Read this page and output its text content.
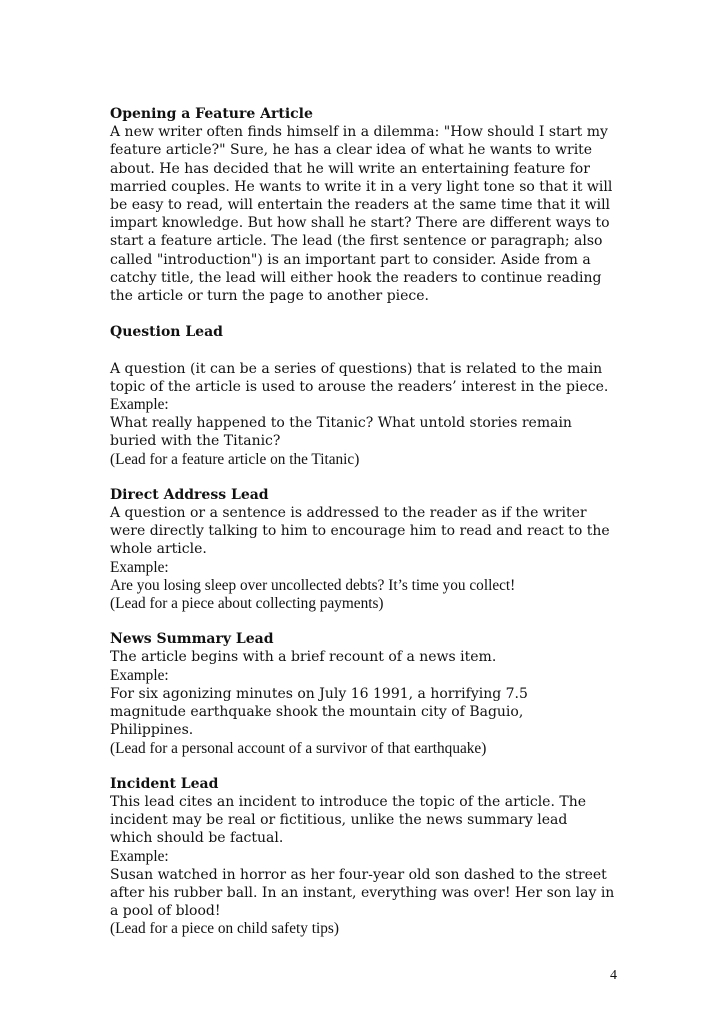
Opening a Feature Article
A new writer often finds himself in a dilemma: "How should I start my
feature article?" Sure, he has a clear idea of what he wants to write
about. He has decided that he will write an entertaining feature for
married couples. He wants to write it in a very light tone so that it will
be easy to read, will entertain the readers at the same time that it will
impart knowledge. But how shall he start? There are different ways to
start a feature article. The lead (the first sentence or paragraph; also
called "introduction") is an important part to consider. Aside from a
catchy title, the lead will either hook the readers to continue reading
the article or turn the page to another piece.
Question Lead

A question (it can be a series of questions) that is related to the main
topic of the article is used to arouse the readers’ interest in the piece.
Example:
What really happened to the Titanic? What untold stories remain
buried with the Titanic?
(Lead for a feature article on the Titanic)
Direct Address Lead
A question or a sentence is addressed to the reader as if the writer
were directly talking to him to encourage him to read and react to the
whole article.
Example:
Are you losing sleep over uncollected debts? It’s time you collect!
(Lead for a piece about collecting payments)
News Summary Lead
The article begins with a brief recount of a news item.
Example:
For six agonizing minutes on July 16 1991, a horrifying 7.5
magnitude earthquake shook the mountain city of Baguio,
Philippines.
(Lead for a personal account of a survivor of that earthquake)
Incident Lead
This lead cites an incident to introduce the topic of the article. The
incident may be real or fictitious, unlike the news summary lead
which should be factual.
Example:
Susan watched in horror as her four-year old son dashed to the street
after his rubber ball. In an instant, everything was over! Her son lay in
a pool of blood!
(Lead for a piece on child safety tips)
4
